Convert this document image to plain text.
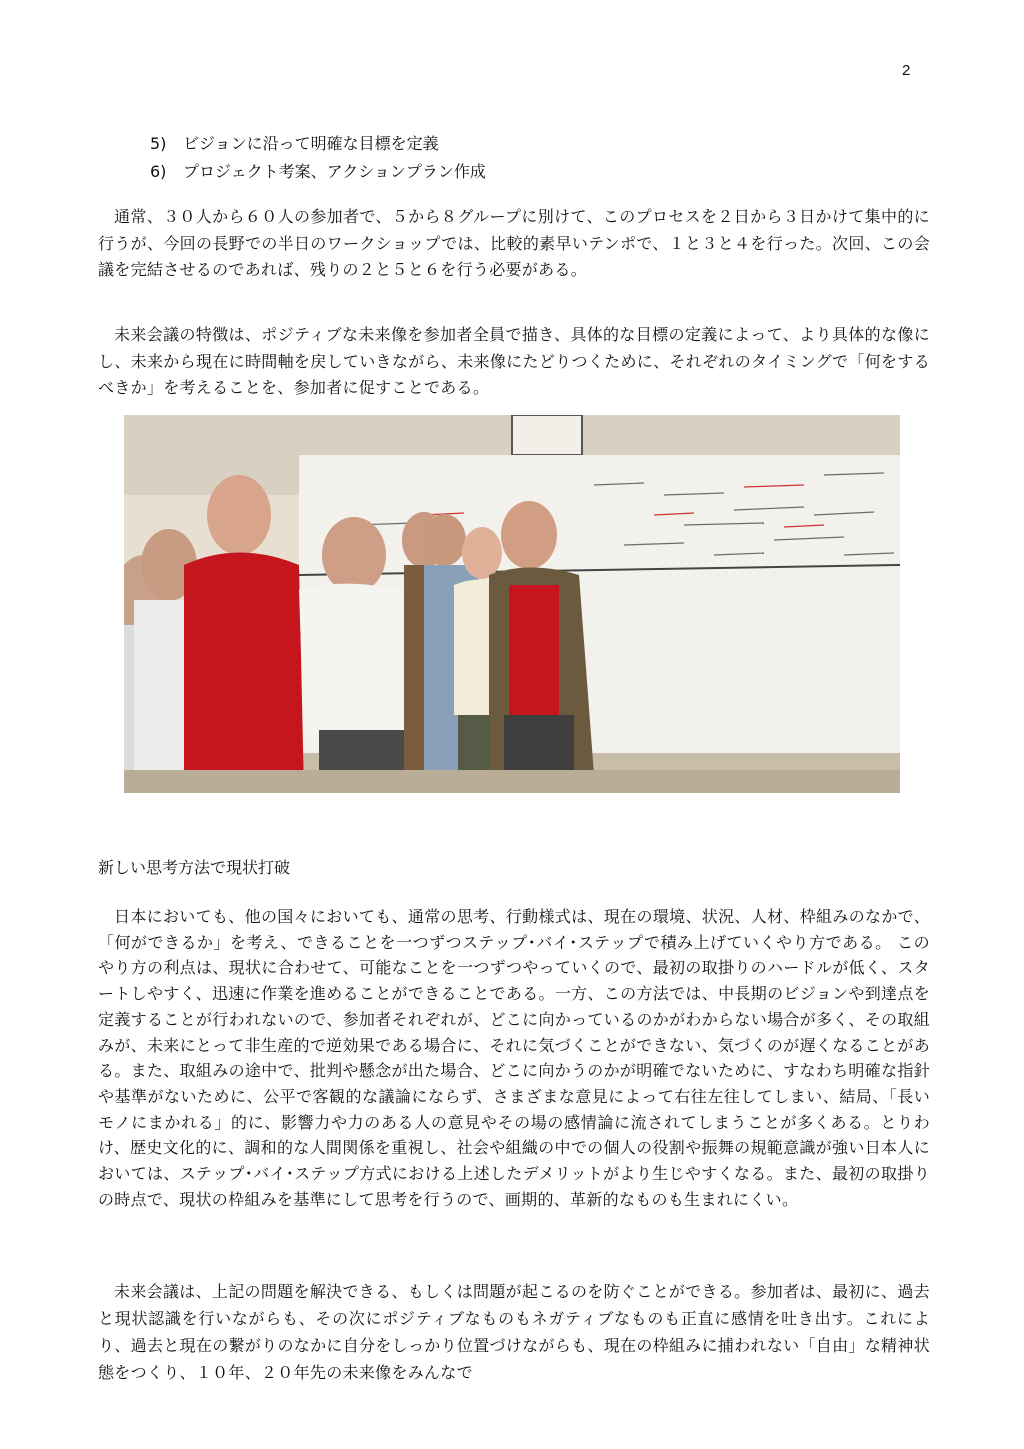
2
5) ビジョンに沿って明確な目標を定義
6) プロジェクト考案、アクションプラン作成

通常、３０人から６０人の参加者で、５から８グループに別けて、このプロセスを２日から３日かけて集中的に行うが、今回の長野での半日のワークショップでは、比較的素早いテンポで、１と３と４を行った。次回、この会議を完結させるのであれば、残りの２と５と６を行う必要がある。

未来会議の特徴は、ポジティブな未来像を参加者全員で描き、具体的な目標の定義によって、より具体的な像にし、未来から現在に時間軸を戻していきながら、未来像にたどりつくために、それぞれのタイミングで「何をするべきか」を考えることを、参加者に促すことである。

新しい思考方法で現状打破

日本においても、他の国々においても、通常の思考、行動様式は、現在の環境、状況、人材、枠組みのなかで、「何ができるか」を考え、できることを一つずつステップ･バイ･ステップで積み上げていくやり方である。 このやり方の利点は、現状に合わせて、可能なことを一つずつやっていくので、最初の取掛りのハードルが低く、スタートしやすく、迅速に作業を進めることができることである。一方、この方法では、中長期のビジョンや到達点を定義することが行われないので、参加者それぞれが、どこに向かっているのかがわからない場合が多く、その取組みが、未来にとって非生産的で逆効果である場合に、それに気づくことができない、気づくのが遅くなることがある。また、取組みの途中で、批判や懸念が出た場合、どこに向かうのかが明確でないために、すなわち明確な指針や基準がないために、公平で客観的な議論にならず、さまざまな意見によって右往左往してしまい、結局、「長いモノにまかれる」的に、影響力や力のある人の意見やその場の感情論に流されてしまうことが多くある。とりわけ、歴史文化的に、調和的な人間関係を重視し、社会や組織の中での個人の役割や振舞の規範意識が強い日本人においては、ステップ･バイ･ステップ方式における上述したデメリットがより生じやすくなる。また、最初の取掛りの時点で、現状の枠組みを基準にして思考を行うので、画期的、革新的なものも生まれにくい。

未来会議は、上記の問題を解決できる、もしくは問題が起こるのを防ぐことができる。参加者は、最初に、過去と現状認識を行いながらも、その次にポジティブなものもネガティブなものも正直に感情を吐き出す。これにより、過去と現在の繋がりのなかに自分をしっかり位置づけながらも、現在の枠組みに捕われない「自由」な精神状態をつくり、１０年、２０年先の未来像をみんなで
